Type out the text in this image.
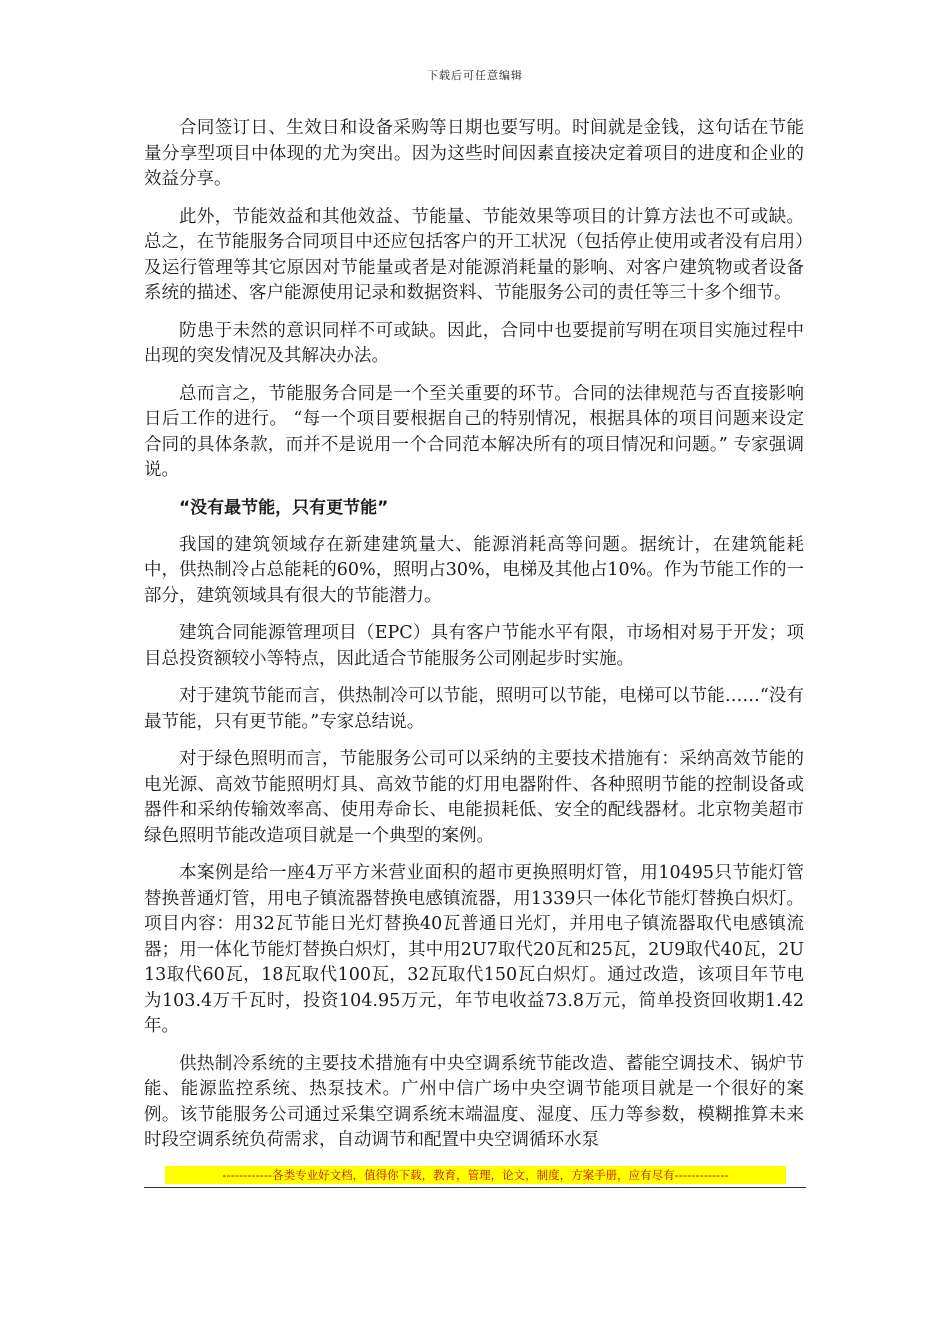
下载后可任意编辑

合同签订日、生效日和设备采购等日期也要写明。时间就是金钱，这句话在节能量分享型项目中体现的尤为突出。因为这些时间因素直接决定着项目的进度和企业的效益分享。

此外，节能效益和其他效益、节能量、节能效果等项目的计算方法也不可或缺。总之，在节能服务合同项目中还应包括客户的开工状况（包括停止使用或者没有启用）及运行管理等其它原因对节能量或者是对能源消耗量的影响、对客户建筑物或者设备系统的描述、客户能源使用记录和数据资料、节能服务公司的责任等三十多个细节。

防患于未然的意识同样不可或缺。因此，合同中也要提前写明在项目实施过程中出现的突发情况及其解决办法。

总而言之，节能服务合同是一个至关重要的环节。合同的法律规范与否直接影响日后工作的进行。 “每一个项目要根据自己的特别情况，根据具体的项目问题来设定合同的具体条款，而并不是说用一个合同范本解决所有的项目情况和问题。” 专家强调说。

“没有最节能，只有更节能”

我国的建筑领域存在新建建筑量大、能源消耗高等问题。据统计，在建筑能耗中，供热制冷占总能耗的60%，照明占30%，电梯及其他占10%。作为节能工作的一部分，建筑领域具有很大的节能潜力。

建筑合同能源管理项目（EPC）具有客户节能水平有限，市场相对易于开发；项目总投资额较小等特点，因此适合节能服务公司刚起步时实施。

对于建筑节能而言，供热制冷可以节能，照明可以节能，电梯可以节能……“没有最节能，只有更节能。”专家总结说。

对于绿色照明而言，节能服务公司可以采纳的主要技术措施有：采纳高效节能的电光源、高效节能照明灯具、高效节能的灯用电器附件、各种照明节能的控制设备或器件和采纳传输效率高、使用寿命长、电能损耗低、安全的配线器材。北京物美超市绿色照明节能改造项目就是一个典型的案例。

本案例是给一座4万平方米营业面积的超市更换照明灯管，用10495只节能灯管替换普通灯管，用电子镇流器替换电感镇流器，用1339只一体化节能灯替换白炽灯。项目内容：用32瓦节能日光灯替换40瓦普通日光灯，并用电子镇流器取代电感镇流器；用一体化节能灯替换白炽灯，其中用2U7取代20瓦和25瓦，2U9取代40瓦，2U13取代60瓦，18瓦取代100瓦，32瓦取代150瓦白炽灯。通过改造，该项目年节电为103.4万千瓦时，投资104.95万元，年节电收益73.8万元，简单投资回收期1.42年。

供热制冷系统的主要技术措施有中央空调系统节能改造、蓄能空调技术、锅炉节能、能源监控系统、热泵技术。广州中信广场中央空调节能项目就是一个很好的案例。该节能服务公司通过采集空调系统末端温度、湿度、压力等参数，模糊推算未来时段空调系统负荷需求，自动调节和配置中央空调循环水泵

------------各类专业好文档，值得你下载，教育，管理，论文，制度，方案手册，应有尽有-------------
